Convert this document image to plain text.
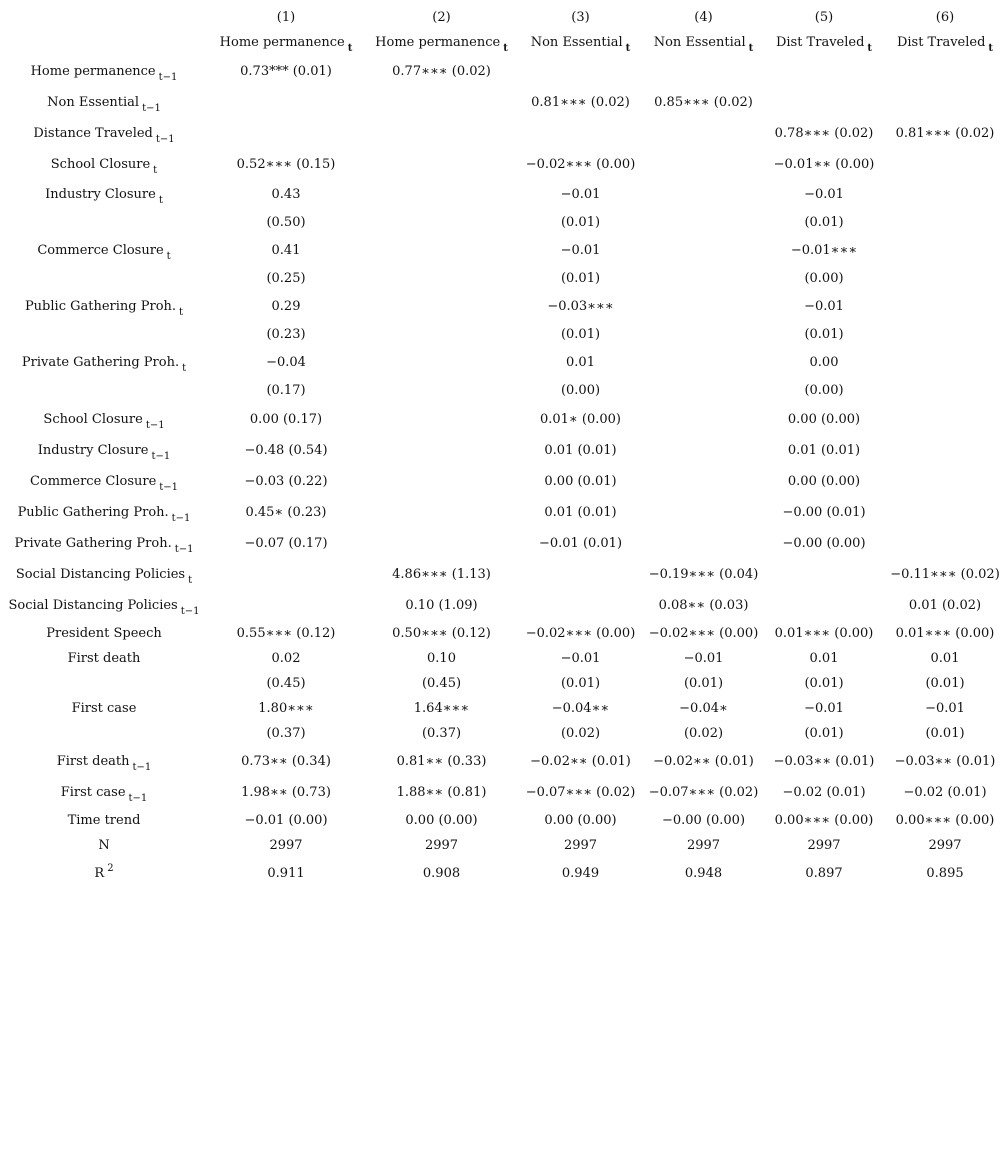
	(1)	(2)	(3)	(4)	(5)	(6)
	Home permanence $_t$	Home permanence $_t$	Non Essential $_t$	Non Essential $_t$	Dist Traveled $_t$	Dist Traveled $_t$
Home permanence $_{t-1}$	0.73*** (0.01)	0.77∗∗∗ (0.02)				
Non Essential $_{t-1}$			0.81∗∗∗ (0.02)	0.85∗∗∗ (0.02)		
Distance Traveled $_{t-1}$					0.78∗∗∗ (0.02)	0.81∗∗∗ (0.02)
School Closure $_t$	0.52∗∗∗ (0.15)		−0.02∗∗∗ (0.00)		−0.01∗∗ (0.00)	
Industry Closure $_t$	0.43		−0.01		−0.01	
	(0.50)		(0.01)		(0.01)	
Commerce Closure $_t$	0.41		−0.01		−0.01∗∗∗	
	(0.25)		(0.01)		(0.00)	
Public Gathering Proh. $_t$	0.29		−0.03∗∗∗		−0.01	
	(0.23)		(0.01)		(0.01)	
Private Gathering Proh. $_t$	−0.04		0.01		0.00	
	(0.17)		(0.00)		(0.00)	
School Closure $_{t-1}$	0.00 (0.17)		0.01∗ (0.00)		0.00 (0.00)	
Industry Closure $_{t-1}$	−0.48 (0.54)		0.01 (0.01)		0.01 (0.01)	
Commerce Closure $_{t-1}$	−0.03 (0.22)		0.00 (0.01)		0.00 (0.00)	
Public Gathering Proh. $_{t-1}$	0.45∗ (0.23)		0.01 (0.01)		−0.00 (0.01)	
Private Gathering Proh. $_{t-1}$	−0.07 (0.17)		−0.01 (0.01)		−0.00 (0.00)	
Social Distancing Policies $_t$		4.86∗∗∗ (1.13)		−0.19∗∗∗ (0.04)		−0.11∗∗∗ (0.02)
Social Distancing Policies $_{t-1}$		0.10 (1.09)		0.08∗∗ (0.03)		0.01 (0.02)
President Speech	0.55∗∗∗ (0.12)	0.50∗∗∗ (0.12)	−0.02∗∗∗ (0.00)	−0.02∗∗∗ (0.00)	0.01∗∗∗ (0.00)	0.01∗∗∗ (0.00)
First death	0.02	0.10	−0.01	−0.01	0.01	0.01
	(0.45)	(0.45)	(0.01)	(0.01)	(0.01)	(0.01)
First case	1.80∗∗∗	1.64∗∗∗	−0.04∗∗	−0.04∗	−0.01	−0.01
	(0.37)	(0.37)	(0.02)	(0.02)	(0.01)	(0.01)
First death $_{t-1}$	0.73∗∗ (0.34)	0.81∗∗ (0.33)	−0.02∗∗ (0.01)	−0.02∗∗ (0.01)	−0.03∗∗ (0.01)	−0.03∗∗ (0.01)
First case $_{t-1}$	1.98∗∗ (0.73)	1.88∗∗ (0.81)	−0.07∗∗∗ (0.02)	−0.07∗∗∗ (0.02)	−0.02 (0.01)	−0.02 (0.01)
Time trend	−0.01 (0.00)	0.00 (0.00)	0.00 (0.00)	−0.00 (0.00)	0.00∗∗∗ (0.00)	0.00∗∗∗ (0.00)
N	2997	2997	2997	2997	2997	2997
R $^2$	0.911	0.908	0.949	0.948	0.897	0.895
